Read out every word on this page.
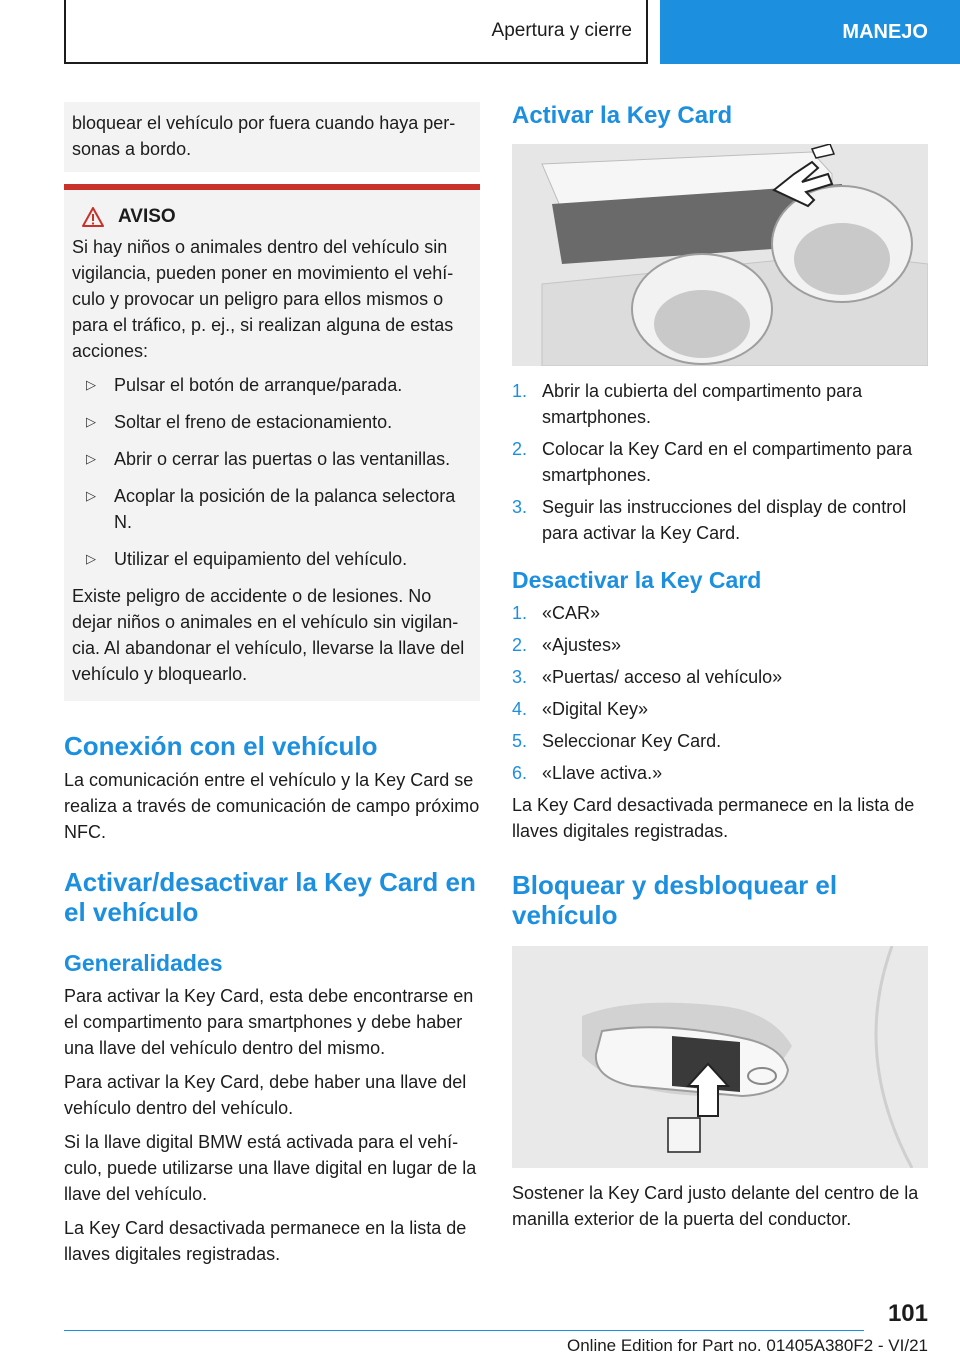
Apertura y cierre	MANEJO
bloquear el vehículo por fuera cuando haya per-sonas a bordo.
AVISO

Si hay niños o animales dentro del vehículo sin vigilancia, pueden poner en movimiento el vehí-culo y provocar un peligro para ellos mismos o para el tráfico, p. ej., si realizan alguna de estas acciones:

▷ Pulsar el botón de arranque/parada.
▷ Soltar el freno de estacionamiento.
▷ Abrir o cerrar las puertas o las ventanillas.
▷ Acoplar la posición de la palanca selectora N.
▷ Utilizar el equipamiento del vehículo.

Existe peligro de accidente o de lesiones. No dejar niños o animales en el vehículo sin vigilan-cia. Al abandonar el vehículo, llevarse la llave del vehículo y bloquearlo.

Conexión con el vehículo

La comunicación entre el vehículo y la Key Card se realiza a través de comunicación de campo próximo NFC.

Activar/desactivar la Key Card en el vehículo
Generalidades

Para activar la Key Card, esta debe encontrarse en el compartimento para smartphones y debe haber una llave del vehículo dentro del mismo.

Para activar la Key Card, debe haber una llave del vehículo dentro del vehículo.

Si la llave digital BMW está activada para el vehí-culo, puede utilizarse una llave digital en lugar de la llave del vehículo.

La Key Card desactivada permanece en la lista de llaves digitales registradas.

Activar la Key Card
1. Abrir la cubierta del compartimento para smartphones.
2. Colocar la Key Card en el compartimento para smartphones.
3. Seguir las instrucciones del display de control para activar la Key Card.
Desactivar la Key Card
1. «CAR»
2. «Ajustes»
3. «Puertas/ acceso al vehículo»
4. «Digital Key»
5. Seleccionar Key Card.
6. «Llave activa.»

La Key Card desactivada permanece en la lista de llaves digitales registradas.

Bloquear y desbloquear el vehículo

Sostener la Key Card justo delante del centro de la manilla exterior de la puerta del conductor.

101
Online Edition for Part no. 01405A380F2 - VI/21
